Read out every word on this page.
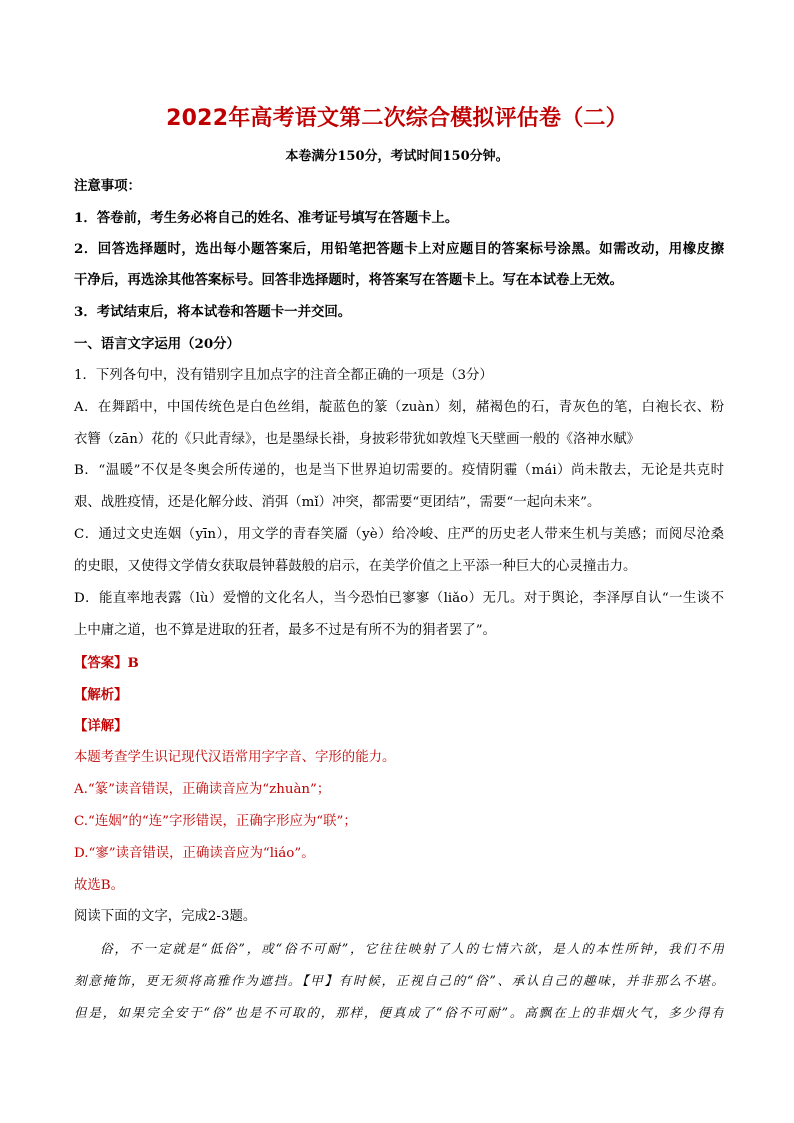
2022年高考语文第二次综合模拟评估卷（二）
本卷满分150分，考试时间150分钟。
注意事项：
1．答卷前，考生务必将自己的姓名、准考证号填写在答题卡上。
2．回答选择题时，选出每小题答案后，用铅笔把答题卡上对应题目的答案标号涂黑。如需改动，用橡皮擦
干净后，再选涂其他答案标号。回答非选择题时，将答案写在答题卡上。写在本试卷上无效。
3．考试结束后，将本试卷和答题卡一并交回。
一、语言文字运用（20分）
1．下列各句中，没有错别字且加点字的注音全都正确的一项是（3分）
A．在舞蹈中，中国传统色是白色丝绢，靛蓝色的篆（zuàn）刻，赭褐色的石，青灰色的笔，白袍长衣、粉
衣簪（zān）花的《只此青绿》，也是墨绿长褂，身披彩带犹如敦煌飞天壁画一般的《洛神水赋》
B．“温暖”不仅是冬奥会所传递的，也是当下世界迫切需要的。疫情阴霾（mái）尚未散去，无论是共克时
艰、战胜疫情，还是化解分歧、消弭（mǐ）冲突，都需要“更团结”，需要“一起向未来”。
C．通过文史连姻（yīn），用文学的青春笑靥（yè）给冷峻、庄严的历史老人带来生机与美感；而阅尽沧桑
的史眼，又使得文学倩女获取晨钟暮鼓般的启示，在美学价值之上平添一种巨大的心灵撞击力。
D．能直率地表露（lù）爱憎的文化名人，当今恐怕已寥寥（liǎo）无几。对于舆论，李泽厚自认“一生谈不
上中庸之道，也不算是进取的狂者，最多不过是有所不为的狷者罢了”。
【答案】B
【解析】
【详解】
本题考查学生识记现代汉语常用字字音、字形的能力。
A.“篆”读音错误，正确读音应为“zhuàn”；
C.“连姻”的“连”字形错误，正确字形应为“联”；
D.“寥”读音错误，正确读音应为“liáo”。
故选B。
阅读下面的文字，完成2-3题。
俗，不一定就是“低俗”，或“俗不可耐”，它往往映射了人的七情六欲，是人的本性所钟，我们不用
刻意掩饰，更无须将高雅作为遮挡。【甲】有时候，正视自己的“俗”、承认自己的趣味，并非那么不堪。
但是，如果完全安于“俗”也是不可取的，那样，便真成了“俗不可耐”。高飘在上的非烟火气，多少得有
